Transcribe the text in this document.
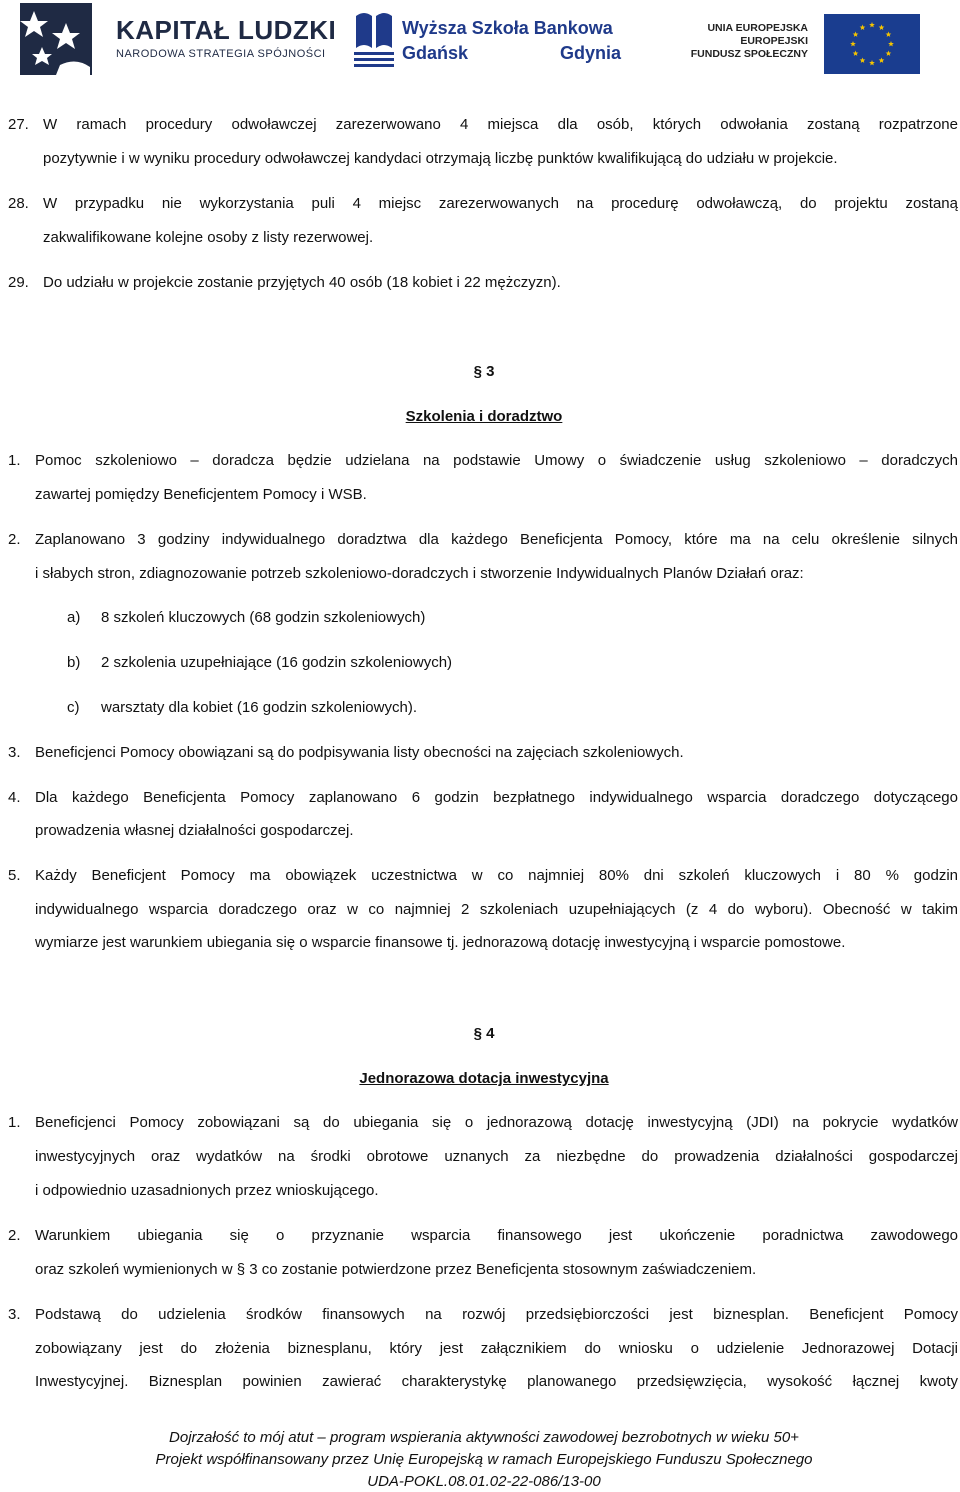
KAPITAŁ LUDZKI
NARODOWA STRATEGIA SPÓJNOŚCI
Wyższa Szkoła Bankowa
Gdańsk	Gdynia
UNIA EUROPEJSKA
EUROPEJSKI
FUNDUSZ SPOŁECZNY
27. W ramach procedury odwoławczej zarezerwowano 4 miejsca dla osób, których odwołania zostaną rozpatrzone
pozytywnie i w wyniku procedury odwoławczej kandydaci otrzymają liczbę punktów kwalifikującą do udziału w projekcie.
28. W przypadku nie wykorzystania puli 4 miejsc zarezerwowanych na procedurę odwoławczą, do projektu zostaną
zakwalifikowane kolejne osoby z listy rezerwowej.
29. Do udziału w projekcie zostanie przyjętych 40 osób (18 kobiet i 22 mężczyzn).
§ 3
Szkolenia i doradztwo
1. Pomoc szkoleniowo – doradcza będzie udzielana na podstawie Umowy o świadczenie usług szkoleniowo – doradczych
zawartej pomiędzy Beneficjentem Pomocy i WSB.
2. Zaplanowano 3 godziny indywidualnego doradztwa dla każdego Beneficjenta Pomocy, które ma na celu określenie silnych
i słabych stron, zdiagnozowanie potrzeb szkoleniowo-doradczych i stworzenie Indywidualnych Planów Działań oraz:
a) 8 szkoleń kluczowych (68 godzin szkoleniowych)
b) 2 szkolenia uzupełniające (16 godzin szkoleniowych)
c) warsztaty dla kobiet (16 godzin szkoleniowych).
3. Beneficjenci Pomocy obowiązani są do podpisywania listy obecności na zajęciach szkoleniowych.
4. Dla każdego Beneficjenta Pomocy zaplanowano 6 godzin bezpłatnego indywidualnego wsparcia doradczego dotyczącego
prowadzenia własnej działalności gospodarczej.
5. Każdy Beneficjent Pomocy ma obowiązek uczestnictwa w co najmniej 80% dni szkoleń kluczowych i 80 % godzin
indywidualnego wsparcia doradczego oraz w co najmniej 2 szkoleniach uzupełniających (z 4 do wyboru). Obecność w takim
wymiarze jest warunkiem ubiegania się o wsparcie finansowe tj. jednorazową dotację inwestycyjną i wsparcie pomostowe.
§ 4
Jednorazowa dotacja inwestycyjna
1. Beneficjenci Pomocy zobowiązani są do ubiegania się o jednorazową dotację inwestycyjną (JDI) na pokrycie wydatków
inwestycyjnych oraz wydatków na środki obrotowe uznanych za niezbędne do prowadzenia działalności gospodarczej
i odpowiednio uzasadnionych przez wnioskującego.
2. Warunkiem ubiegania się o przyznanie wsparcia finansowego jest ukończenie poradnictwa zawodowego
oraz szkoleń wymienionych w § 3 co zostanie potwierdzone przez Beneficjenta stosownym zaświadczeniem.
3. Podstawą do udzielenia środków finansowych na rozwój przedsiębiorczości jest biznesplan. Beneficjent Pomocy
zobowiązany jest do złożenia biznesplanu, który jest załącznikiem do wniosku o udzielenie Jednorazowej Dotacji
Inwestycyjnej. Biznesplan powinien zawierać charakterystykę planowanego przedsięwzięcia, wysokość łącznej kwoty
Dojrzałość to mój atut – program wspierania aktywności zawodowej bezrobotnych w wieku 50+
Projekt współfinansowany przez Unię Europejską w ramach Europejskiego Funduszu Społecznego
UDA-POKL.08.01.02-22-086/13-00
